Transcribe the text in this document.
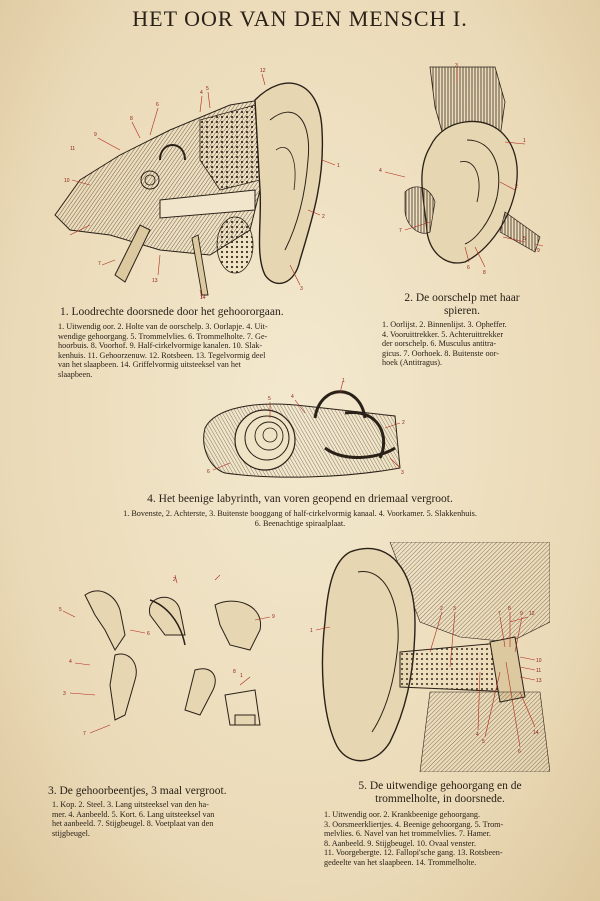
HET OOR VAN DEN MENSCH I.
1
2
3
4
5
6
7
8
9
10
11
12
13
14
1. Loodrechte doorsnede door het gehoororgaan.
1. Uitwendig oor. 2. Holte van de oorschelp. 3. Oorlapje. 4. Uit-
wendige gehoorgang. 5. Trommelvlies. 6. Trommelholte. 7. Ge-
hoorbuis. 8. Voorhof. 9. Half-cirkelvormige kanalen. 10. Slak-
kenhuis. 11. Gehoorzenuw. 12. Rotsbeen. 13. Tegelvormig deel
van het slaapbeen. 14. Griffelvormig uitsteeksel van het
slaapbeen.
1
2
3
4
5
6
7
8
9
2. De oorschelp met haar
spieren.
1. Oorlijst. 2. Binnenlijst. 3. Opheffer.
4. Vooruittrekker. 5. Achteruittrekker
der oorschelp. 6. Musculus antitra-
gicus. 7. Oorhoek. 8. Buitenste oor-
hoek (Antitragus).
1
2
3
4
5
6
4. Het beenige labyrinth, van voren geopend en driemaal vergroot.
1. Bovenste, 2. Achterste, 3. Buitenste booggang of half-cirkelvormig kanaal. 4. Voorkamer. 5. Slakkenhuis.
6. Beenachtige spiraalplaat.
1
2
3
4
5
6
7
8
9
3. De gehoorbeentjes, 3 maal vergroot.
1. Kop. 2. Steel. 3. Lang uitsteeksel van den ha-
mer. 4. Aanbeeld. 5. Kort. 6. Lang uitsteeksel van
het aanbeeld. 7. Stijgbeugel. 8. Voetplaat van den
stijgbeugel.
1
2 3
4
5
6
7
8
9
10
11
12
13
14
5. De uitwendige gehoorgang en de
trommelholte, in doorsnede.
1. Uitwendig oor. 2. Krankbeenige gehoorgang.
3. Oorsmeerkliertjes. 4. Beenige gehoorgang. 5. Trom-
melvlies. 6. Navel van het trommelvlies. 7. Hamer.
8. Aanbeeld. 9. Stijgbeugel. 10. Ovaal venster.
11. Voorgebergte. 12. Fallopi'sche gang. 13. Rotsbeen-
gedeelte van het slaapbeen. 14. Trommelholte.
